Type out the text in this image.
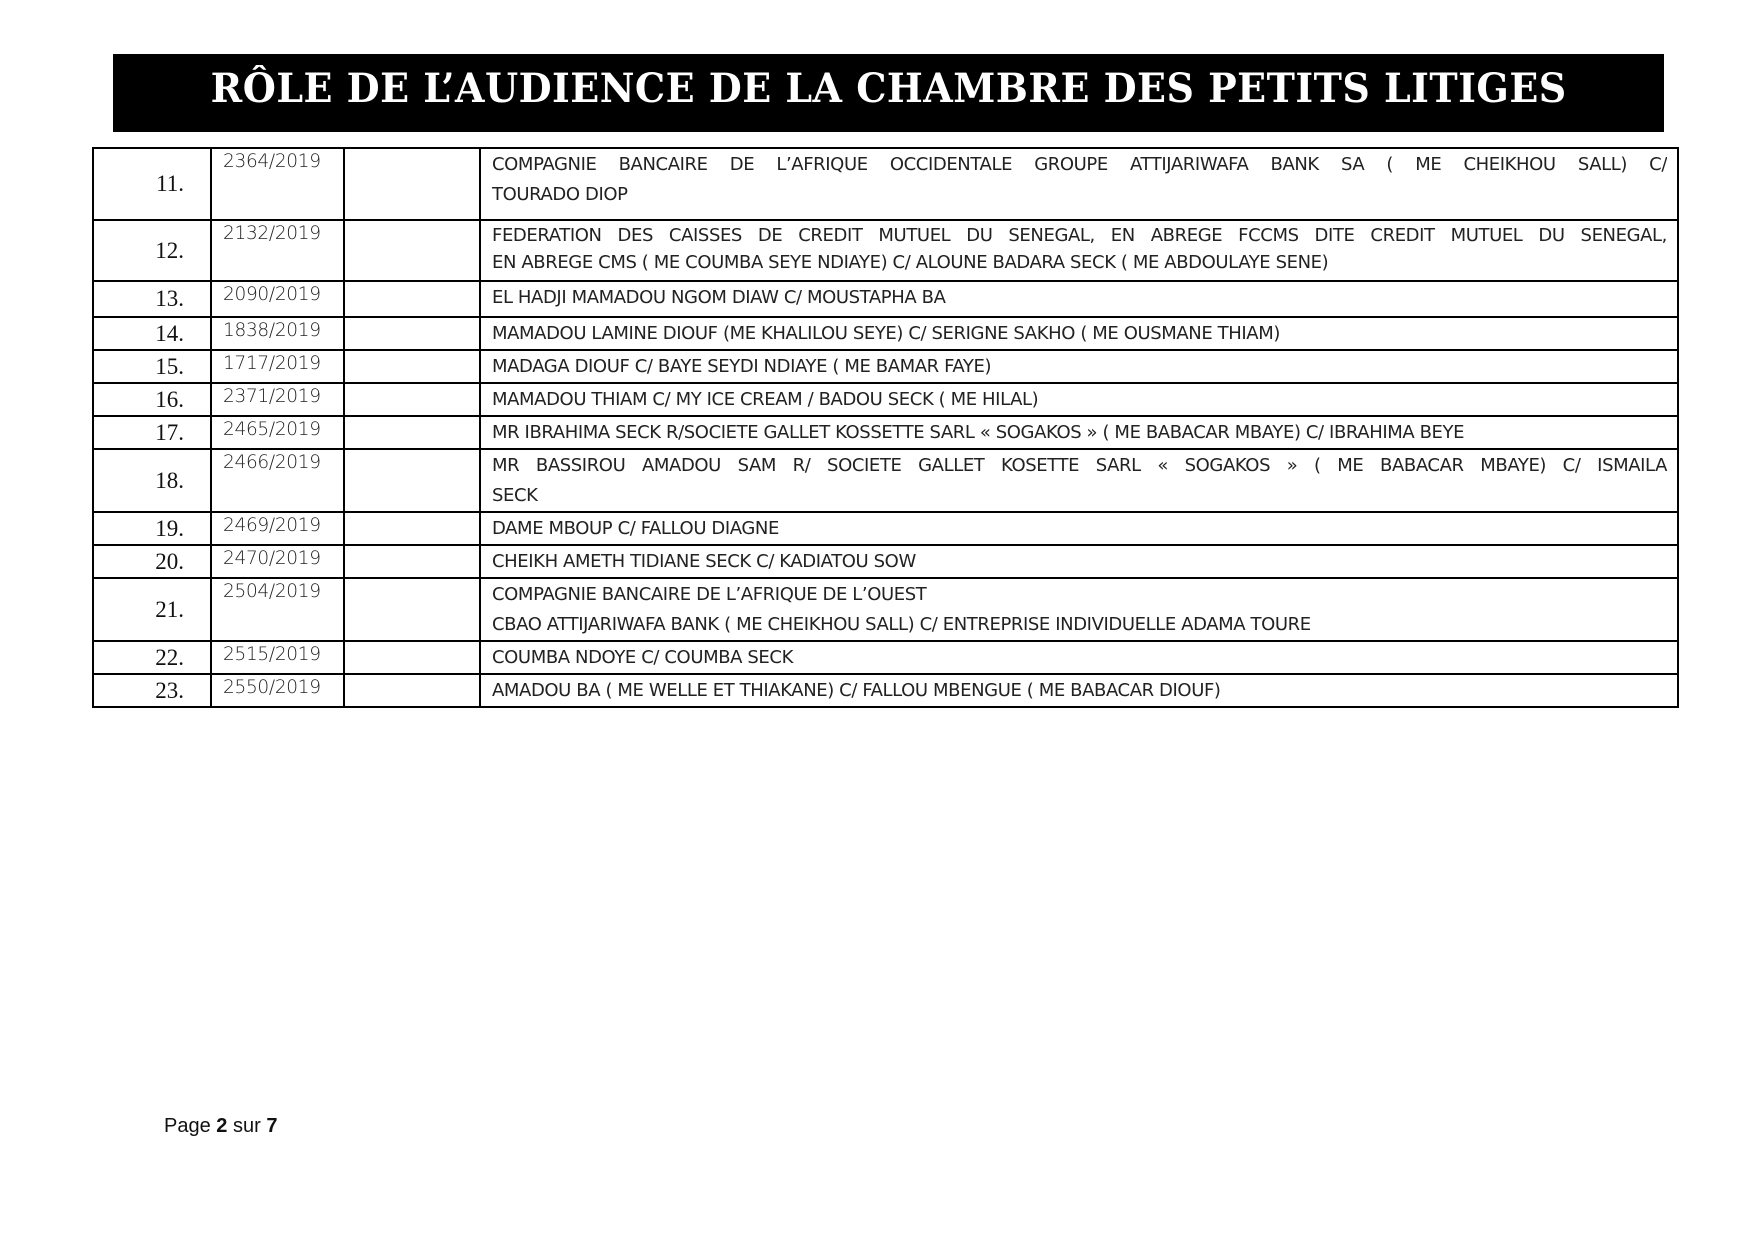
RÔLE DE L’AUDIENCE DE LA CHAMBRE DES PETITS LITIGES
11.	2364/2019		COMPAGNIE BANCAIRE DE L’AFRIQUE OCCIDENTALE GROUPE ATTIJARIWAFA BANK SA ( ME CHEIKHOU SALL) C/
TOURADO DIOP

12.	2132/2019		FEDERATION DES CAISSES DE CREDIT MUTUEL DU SENEGAL, EN ABREGE FCCMS DITE CREDIT MUTUEL DU SENEGAL,
EN ABREGE CMS ( ME COUMBA SEYE NDIAYE) C/ ALOUNE BADARA SECK ( ME ABDOULAYE SENE)

13.	2090/2019		EL HADJI MAMADOU NGOM DIAW C/ MOUSTAPHA BA

14.	1838/2019		MAMADOU LAMINE DIOUF (ME KHALILOU SEYE) C/ SERIGNE SAKHO ( ME OUSMANE THIAM)

15.	1717/2019		MADAGA DIOUF C/ BAYE SEYDI NDIAYE ( ME BAMAR FAYE)

16.	2371/2019		MAMADOU THIAM C/ MY ICE CREAM / BADOU SECK ( ME HILAL)

17.	2465/2019		MR IBRAHIMA SECK R/SOCIETE GALLET KOSSETTE SARL « SOGAKOS » ( ME BABACAR MBAYE) C/ IBRAHIMA BEYE

18.	2466/2019		MR BASSIROU AMADOU SAM R/ SOCIETE GALLET KOSETTE SARL « SOGAKOS » ( ME BABACAR MBAYE) C/ ISMAILA
SECK

19.	2469/2019		DAME MBOUP C/ FALLOU DIAGNE

20.	2470/2019		CHEIKH AMETH TIDIANE SECK C/ KADIATOU SOW

21.	2504/2019		COMPAGNIE BANCAIRE DE L’AFRIQUE DE L’OUEST
CBAO ATTIJARIWAFA BANK ( ME CHEIKHOU SALL) C/ ENTREPRISE INDIVIDUELLE ADAMA TOURE

22.	2515/2019		COUMBA NDOYE C/ COUMBA SECK

23.	2550/2019		AMADOU BA ( ME WELLE ET THIAKANE) C/ FALLOU MBENGUE ( ME BABACAR DIOUF)
Page 2 sur 7
